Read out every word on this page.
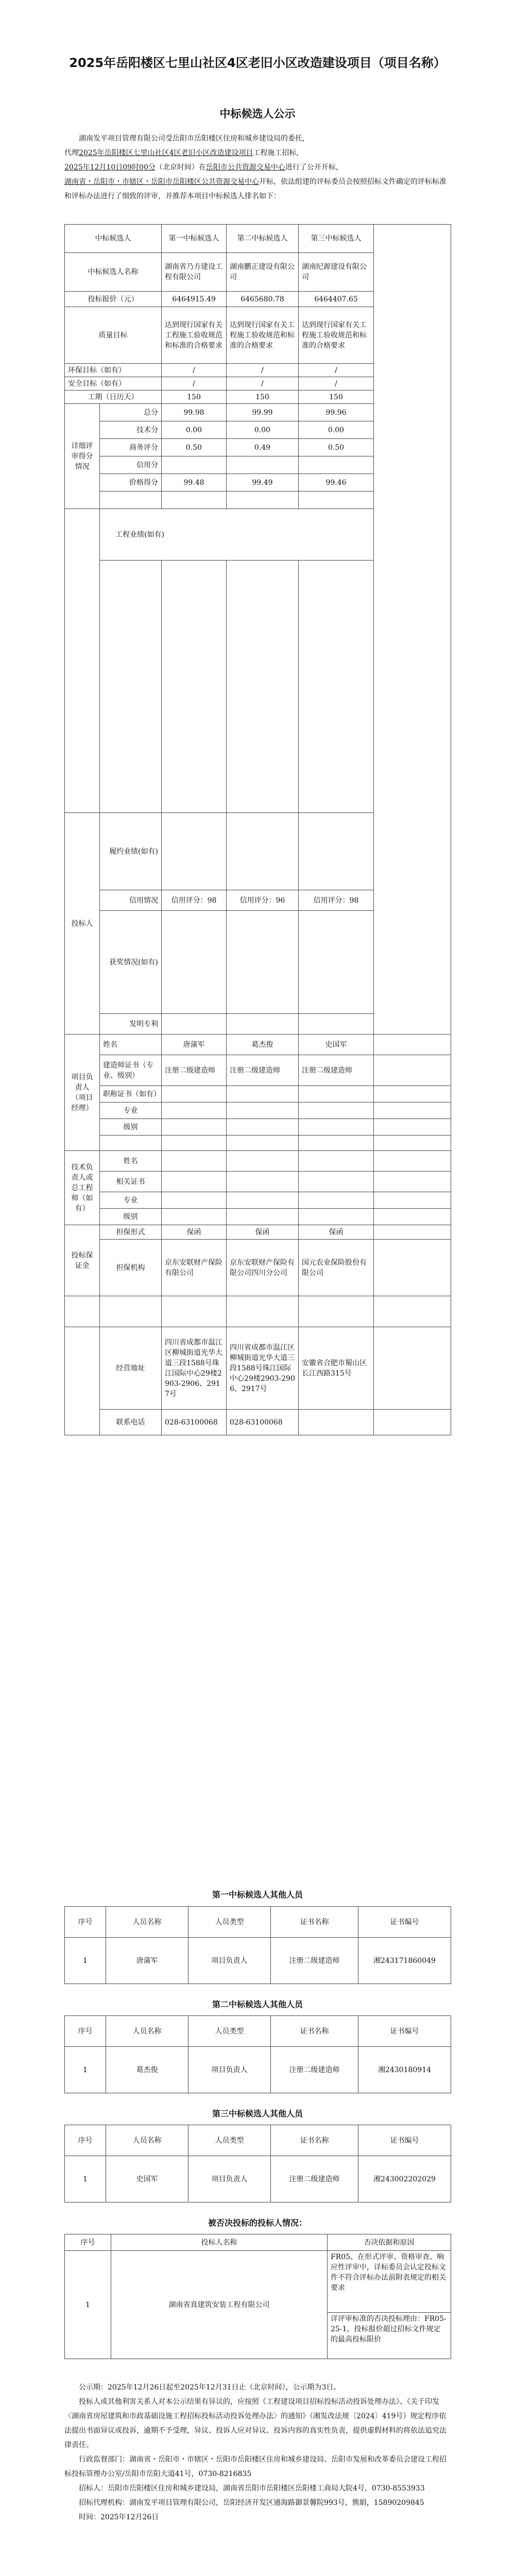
2025年岳阳楼区七里山社区4区老旧小区改造建设项目（项目名称）
中标候选人公示

湖南发平项目管理有限公司受岳阳市岳阳楼区住房和城乡建设局的委托,

代理2025年岳阳楼区七里山社区4区老旧小区改造建设项目工程施工招标,

2025年12月10日09时00分（北京时间）在岳阳市公共资源交易中心进行了公开开标，

湖南省・岳阳市・市辖区・岳阳市岳阳楼区公共资源交易中心开标，依法组建的评标委员会按照招标文件确定的评标标准和评标办法进行了细致的评审，并推荐本项目中标候选人排名如下：

中标候选人		第一中标候选人	第二中标候选人	第三中标候选人	
中标候选人名称		湖南省乃方建设工程有限公司	湖南鹏正建设有限公司	湖南纪源建设有限公司	
投标报价（元）		6464915.49	6465680.78	6464407.65	
质量目标		达到现行国家有关工程施工验收规范和标准的合格要求	达到现行国家有关工程施工验收规范和标准的合格要求	达到现行国家有关工程施工验收规范和标准的合格要求	
环保目标（如有）		/	/	/	
安全目标（如有）		/	/	/	
工期（日历天）		150	150	150	
详细评审得分情况	总分	99.98	99.99	99.96	
	技术分	0.00	0.00	0.00	
	商务评分	0.50	0.49	0.50	
	信用分				
	价格得分	99.48	99.49	99.46	

	工程业绩(如有)				

投标人	履约业绩(如有)				
	信用情况	信用评分：98	信用评分：96	信用评分：98	
	获奖情况(如有)				
	发明专利				
项目负责人（项目经理）	姓名	唐蒲军	葛杰俊	史国军	
	建造师证书（专业、级别）	注册二级建造师	注册二级建造师	注册二级建造师	
	职称证书（如有）				
	专业				
	级别				

技术负责人或总工程师（如有）	姓名				
	相关证书				
	专业				
	级别				
投标保证金	担保形式	保函	保函	保函	
	担保机构	京东安联财产保险有限公司	京东安联财产保险有限公司四川分公司	国元农业保险股份有限公司	

	经营地址	四川省成都市温江区柳城街道光华大道三段1588号珠江国际中心29楼2903-2906、2917号	四川省成都市温江区柳城街道光华大道三段1588号珠江国际中心29楼2903-2906、2917号	安徽省合肥市蜀山区长江西路315号	
	联系电话	028-63100068	028-63100068		
第一中标候选人其他人员
序号	人员名称	人员类型	证书名称	证书编号
1	唐蒲军	项目负责人	注册二级建造师	湘243171860049
第二中标候选人其他人员
序号	人员名称	人员类型	证书名称	证书编号
1	葛杰俊	项目负责人	注册二级建造师	湘2430180914
第三中标候选人其他人员
序号	人员名称	人员类型	证书名称	证书编号
1	史国军	项目负责人	注册二级建造师	湘243002202029
被否决投标的投标人情况：
序号	投标人名称	否决依据和原因
1	湖南省真建筑安装工程有限公司	FR05、在形式评审、资格审查、响应性评审中，详标委员会认定投标文件不符合评标办法前附表规定的相关要求
		详评审标准的否决投标理由：FR05-25-1，投标报价超过招标文件规定的最高投标限价

公示期：2025年12月26日起至2025年12月31日止（北京时间），公示期为3日。

投标人或其他利害关系人对本公示结果有异议的，应按照《工程建设项目招标投标活动投诉处理办法》、《关于印发〈湖南省房屋建筑和市政基础设施工程招标投标活动投诉处理办法〉的通知》（湘发改法规〔2024〕419号）规定程序依法提出书面异议或投诉，逾期不予受理，异议、投诉人应对异议、投诉内容的真实性负责，提供虚假材料的将依法追究法律责任。

行政监督部门：湖南省・岳阳市・市辖区・岳阳市岳阳楼区住房和城乡建设局、岳阳市发展和改革委员会建设工程招标投标管理办公室/岳阳市岳阳大道41号，0730-8216835

招标人：岳阳市岳阳楼区住房和城乡建设局，湖南省岳阳市岳阳楼区岳阳楼工商局大院4号，0730-8553933

招标代理机构：湖南发平项目管理有限公司，岳阳经济开发区通海路御景馨院993号，熊娟，15890209845

时间：2025年12月26日
